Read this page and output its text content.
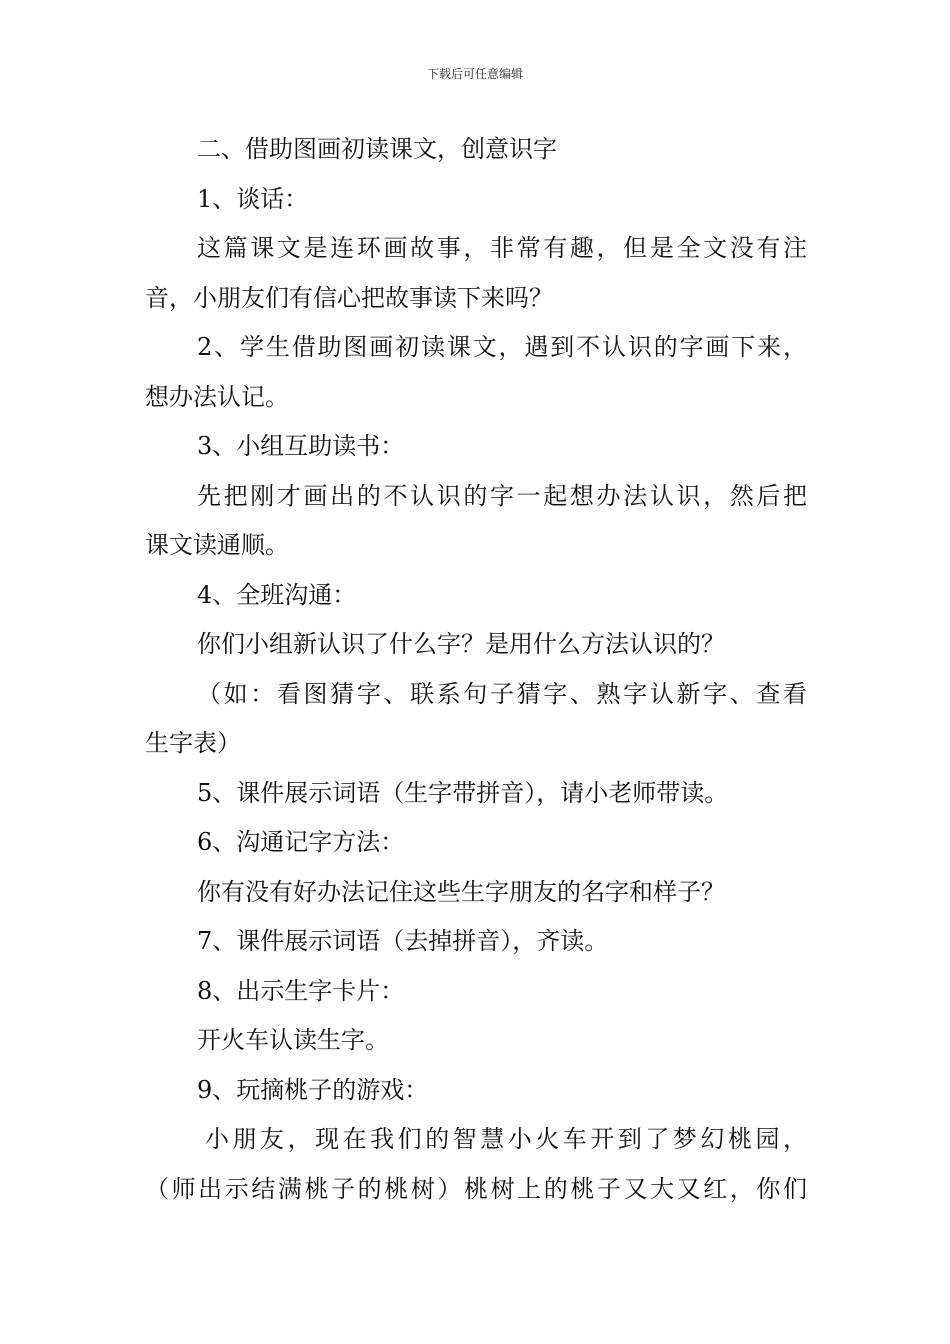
下载后可任意编辑
二、借助图画初读课文，创意识字
1、谈话：
这篇课文是连环画故事，非常有趣，但是全文没有注
音，小朋友们有信心把故事读下来吗？
2、学生借助图画初读课文，遇到不认识的字画下来，
想办法认记。
3、小组互助读书：
先把刚才画出的不认识的字一起想办法认识，然后把
课文读通顺。
4、全班沟通：
你们小组新认识了什么字？是用什么方法认识的？
（如：看图猜字、联系句子猜字、熟字认新字、查看
生字表）
5、课件展示词语（生字带拼音），请小老师带读。
6、沟通记字方法：
你有没有好办法记住这些生字朋友的名字和样子？
7、课件展示词语（去掉拼音），齐读。
8、出示生字卡片：
开火车认读生字。
9、玩摘桃子的游戏：
小朋友，现在我们的智慧小火车开到了梦幻桃园，
（师出示结满桃子的桃树）桃树上的桃子又大又红，你们
